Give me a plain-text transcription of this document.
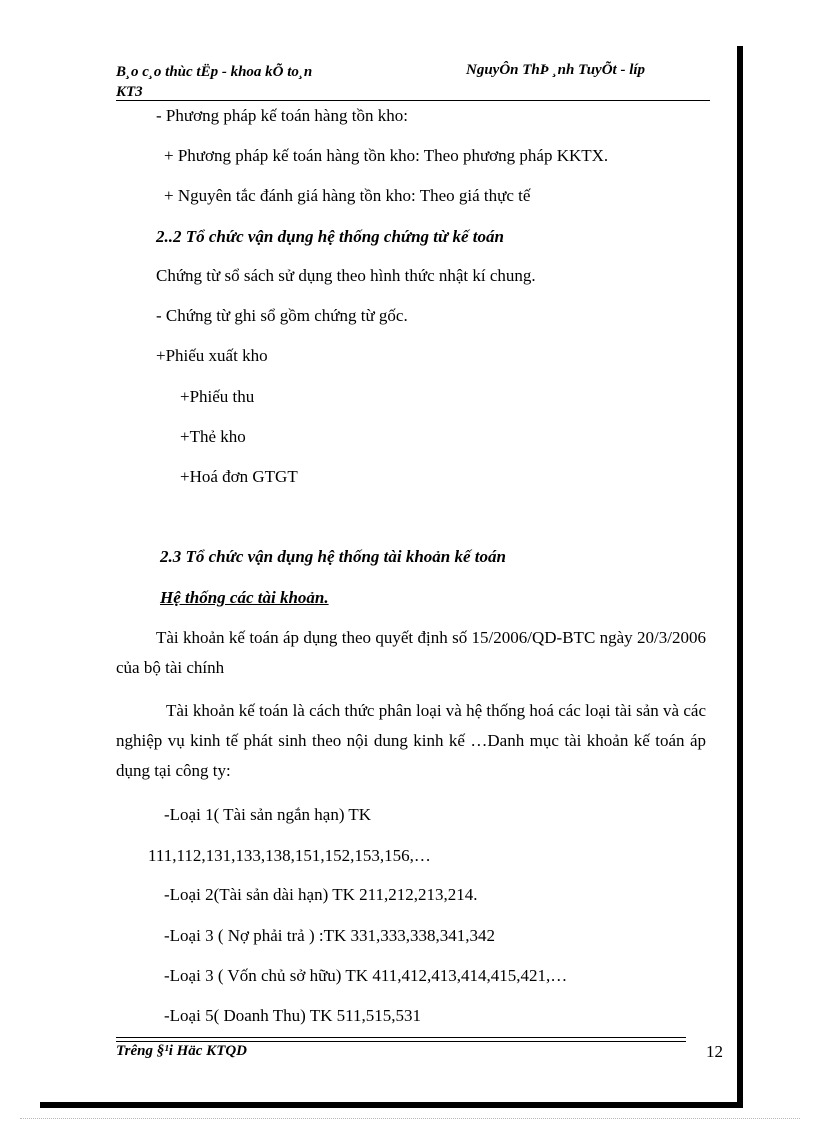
B¸o c¸o thùc tËp - khoa kÕ to¸n
KT3
NguyÔn ThÞ ¸nh TuyÕt - líp
- Phương pháp kế toán hàng tồn kho:
+ Phương pháp kế toán hàng tồn kho: Theo phương pháp KKTX.
+ Nguyên tắc đánh giá hàng tồn kho: Theo giá thực tế
2..2 Tổ chức vận dụng hệ thống chứng từ kế toán
Chứng từ sổ sách sử dụng theo hình thức nhật kí chung.
- Chứng từ ghi sổ gồm chứng từ gốc.
+Phiếu xuất kho
+Phiếu thu
+Thẻ kho
+Hoá đơn GTGT
2.3 Tổ chức vận dụng hệ thống tài khoản kế toán
Hệ thống các tài khoản.
Tài khoản kế toán áp dụng theo quyết định số 15/2006/QD-BTC ngày 20/3/2006 của bộ tài chính
Tài khoản kế toán là cách thức phân loại và hệ thống hoá các loại tài sản và các nghiệp vụ kinh tế phát sinh theo nội dung kinh kế …Danh mục tài khoản kế toán áp dụng tại công ty:
-Loại 1( Tài sản ngắn hạn) TK
111,112,131,133,138,151,152,153,156,…
-Loại 2(Tài sản dài hạn) TK 211,212,213,214.
-Loại 3 ( Nợ phải trả ) :TK 331,333,338,341,342
-Loại 3 ( Vốn chủ sở hữu) TK 411,412,413,414,415,421,…
-Loại 5( Doanh Thu) TK 511,515,531
Trêng §¹i Häc KTQD	12
